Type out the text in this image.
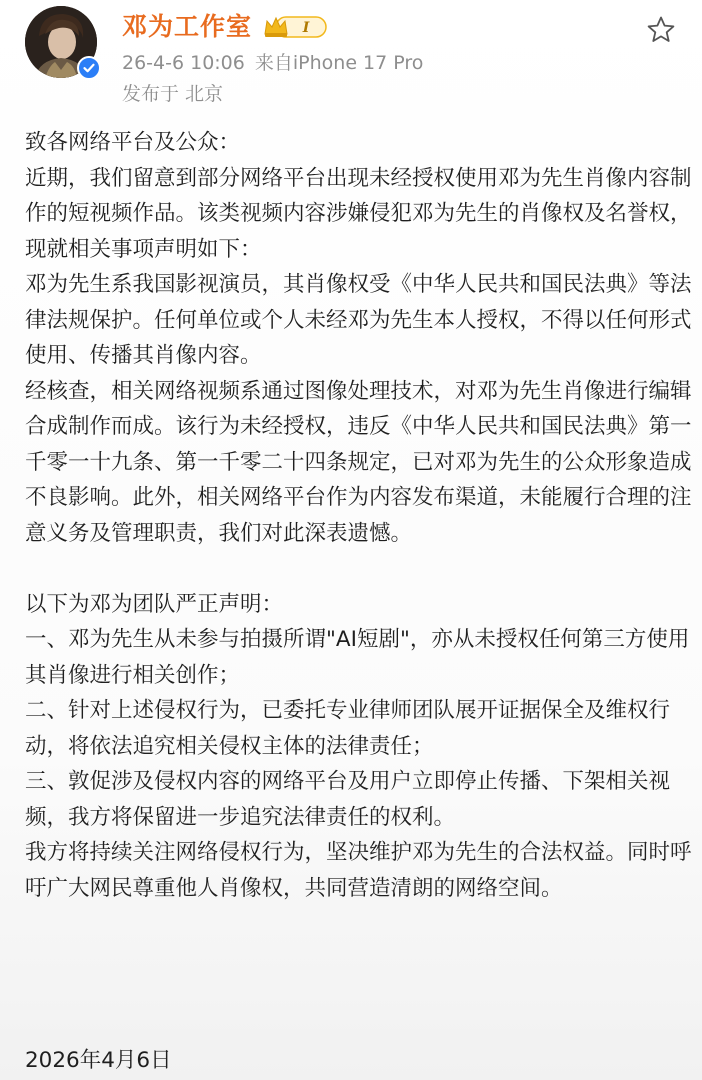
邓为工作室	I
26-4-6 10:06 来自iPhone 17 Pro
发布于 北京

致各网络平台及公众：

近期，我们留意到部分网络平台出现未经授权使用邓为先生肖像内容制作的短视频作品。该类视频内容涉嫌侵犯邓为先生的肖像权及名誉权，现就相关事项声明如下：

邓为先生系我国影视演员，其肖像权受《中华人民共和国民法典》等法律法规保护。任何单位或个人未经邓为先生本人授权，不得以任何形式使用、传播其肖像内容。

经核查，相关网络视频系通过图像处理技术，对邓为先生肖像进行编辑合成制作而成。该行为未经授权，违反《中华人民共和国民法典》第一千零一十九条、第一千零二十四条规定，已对邓为先生的公众形象造成不良影响。此外，相关网络平台作为内容发布渠道，未能履行合理的注意义务及管理职责，我们对此深表遗憾。

以下为邓为团队严正声明：

一、邓为先生从未参与拍摄所谓"AI短剧"，亦从未授权任何第三方使用其肖像进行相关创作；

二、针对上述侵权行为，已委托专业律师团队展开证据保全及维权行动，将依法追究相关侵权主体的法律责任；

三、敦促涉及侵权内容的网络平台及用户立即停止传播、下架相关视频，我方将保留进一步追究法律责任的权利。

我方将持续关注网络侵权行为，坚决维护邓为先生的合法权益。同时呼吁广大网民尊重他人肖像权，共同营造清朗的网络空间。

2026年4月6日
